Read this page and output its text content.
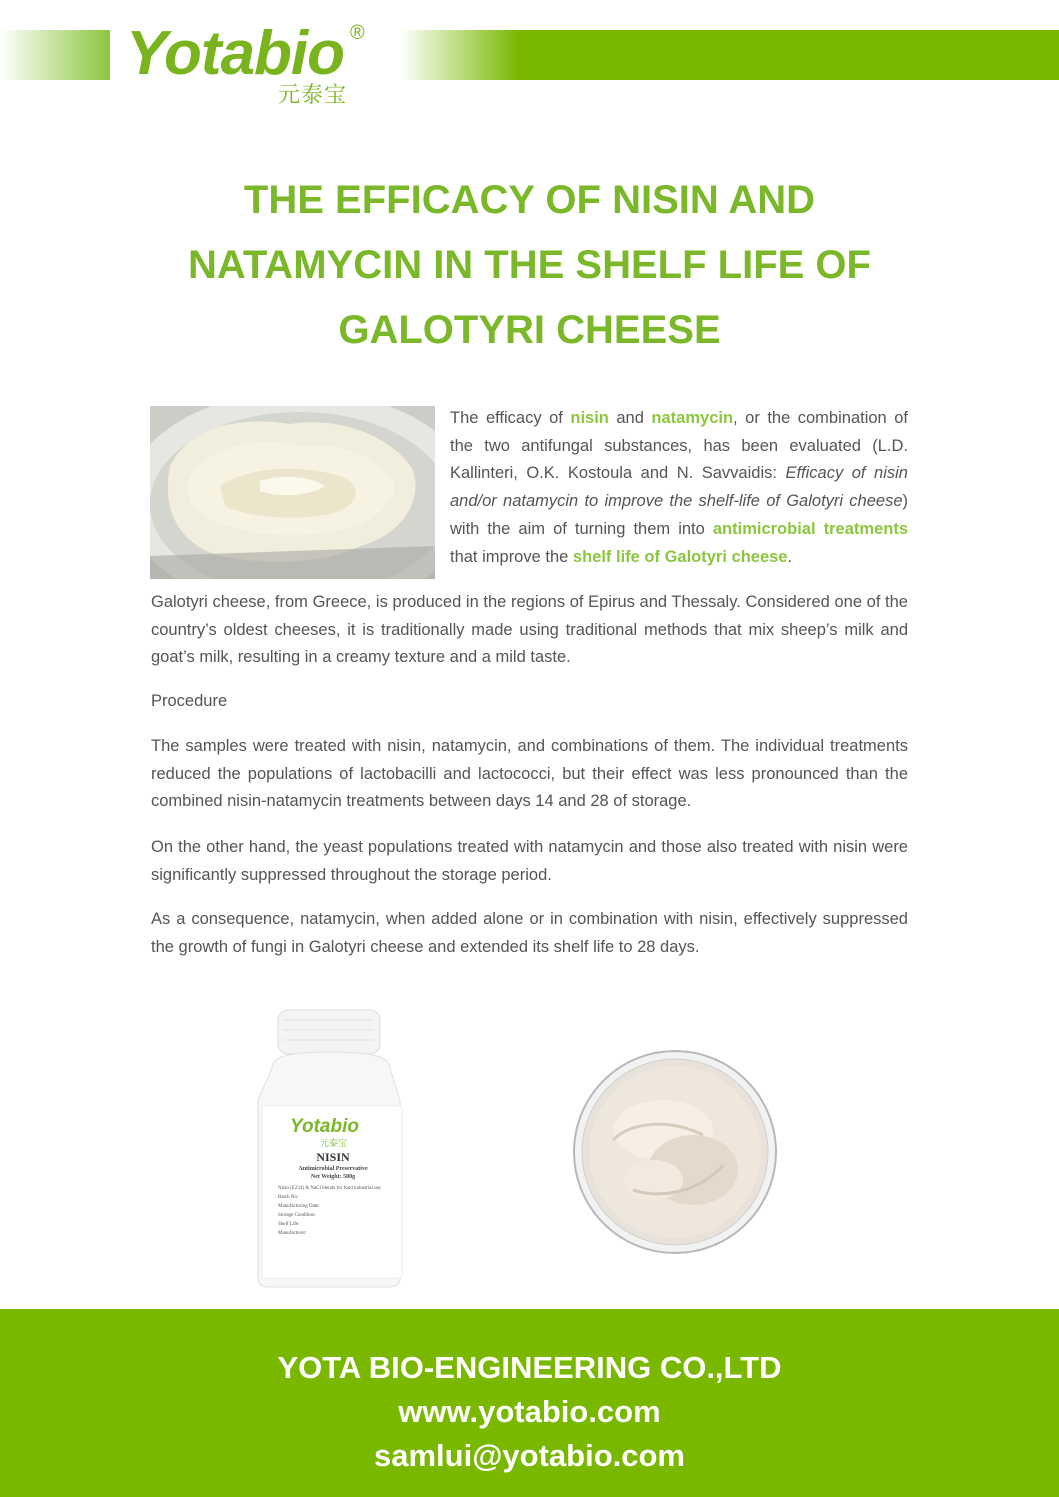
Yotabio ®
元泰宝
THE EFFICACY OF NISIN AND
NATAMYCIN IN THE SHELF LIFE OF
GALOTYRI CHEESE
The efficacy of nisin and natamycin, or the combination of the two antifungal substances, has been evaluated (L.D. Kallinteri, O.K. Kostoula and N. Savvaidis: Efficacy of nisin and/or natamycin to improve the shelf-life of Galotyri cheese) with the aim of turning them into antimicrobial treatments that improve the shelf life of Galotyri cheese.
Galotyri cheese, from Greece, is produced in the regions of Epirus and Thessaly. Considered one of the country’s oldest cheeses, it is traditionally made using traditional methods that mix sheep’s milk and goat’s milk, resulting in a creamy texture and a mild taste.
Procedure
The samples were treated with nisin, natamycin, and combinations of them. The individual treatments reduced the populations of lactobacilli and lactococci, but their effect was less pronounced than the combined nisin-natamycin treatments between days 14 and 28 of storage.
On the other hand, the yeast populations treated with natamycin and those also treated with nisin were significantly suppressed throughout the storage period.
As a consequence, natamycin, when added alone or in combination with nisin, effectively suppressed the growth of fungi in Galotyri cheese and extended its shelf life to 28 days.
Yotabio
元泰宝
NISIN
Antimicrobial Preservative
Net Weight: 500g
Nisin (E234) & NaCl blends for food industrial use
Batch No:
Manufacturing Date:
Storage Condition:
Shelf Life:
Manufacturer:
YOTA BIO-ENGINEERING CO.,LTD
www.yotabio.com
samlui@yotabio.com
